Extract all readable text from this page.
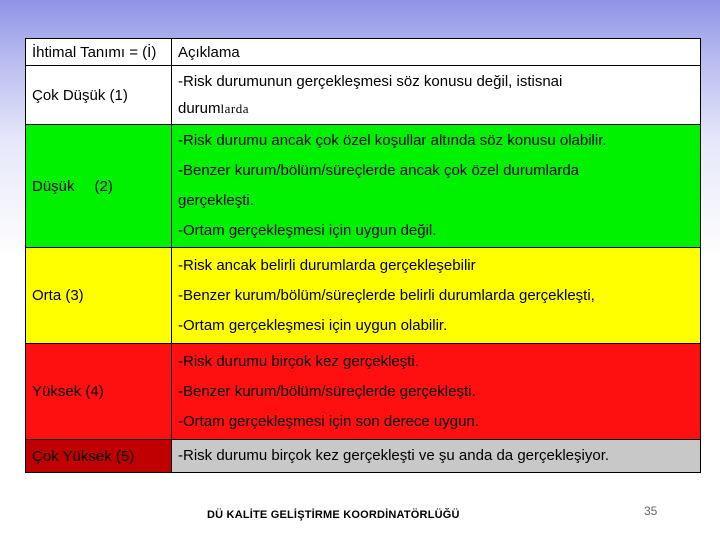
İhtimal Tanımı = (İ)	Açıklama
Çok Düşük (1)	-Risk durumunun gerçekleşmesi söz konusu değil, istisnai
durumlarda

Düşük (2)	-Risk durumu ancak çok özel koşullar altında söz konusu olabilir.
-Benzer kurum/bölüm/süreçlerde ancak çok özel durumlarda
gerçekleşti.
-Ortam gerçekleşmesi için uygun değil.

Orta (3)	-Risk ancak belirli durumlarda gerçekleşebilir
-Benzer kurum/bölüm/süreçlerde belirli durumlarda gerçekleşti,
-Ortam gerçekleşmesi için uygun olabilir.

Yüksek (4)	-Risk durumu birçok kez gerçekleşti.
-Benzer kurum/bölüm/süreçlerde gerçekleşti.
-Ortam gerçekleşmesi için son derece uygun.

Çok Yüksek (5)	-Risk durumu birçok kez gerçekleşti ve şu anda da gerçekleşiyor.
DÜ KALİTE GELİŞTİRME KOORDİNATÖRLÜĞÜ	35
